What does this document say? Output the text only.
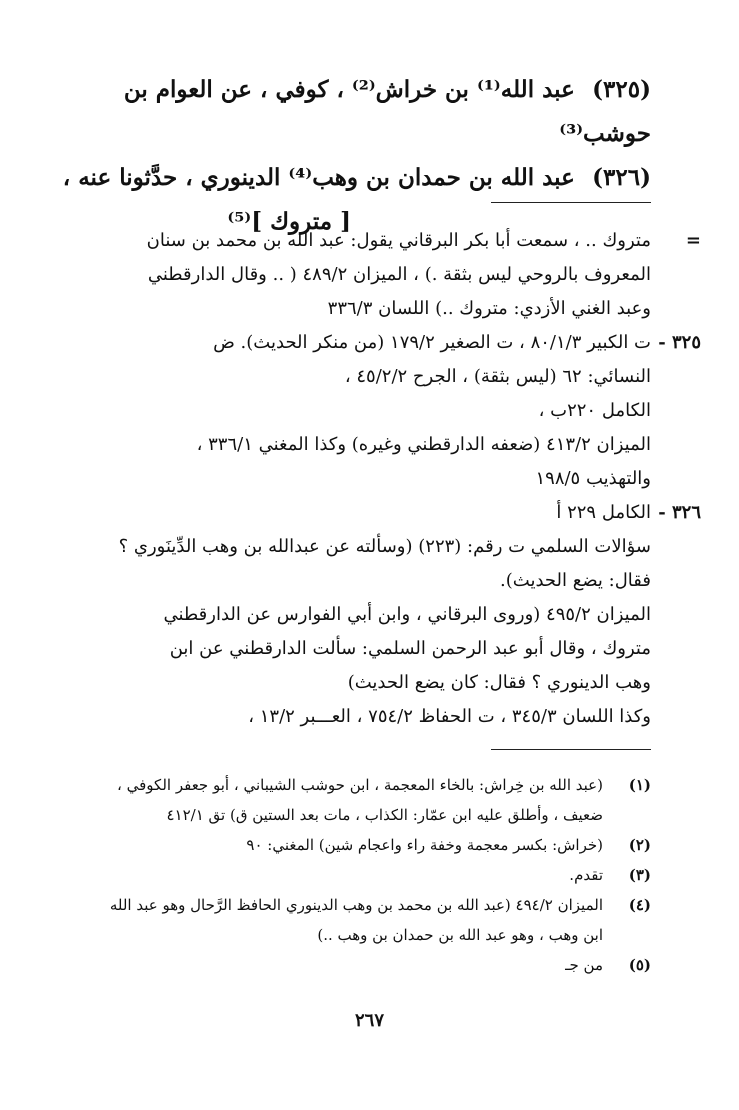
(٣٢٥) عبد الله⁽¹⁾ بن خراش⁽²⁾ ، كوفي ، عن العوام بن حوشب⁽³⁾

(٣٢٦) عبد الله بن حمدان بن وهب⁽⁴⁾ الدينوري ، حدَّثونا عنه ،

[ متروك ]⁽⁵⁾

=
متروك .. ، سمعت أبا بكر البرقاني يقول: عبد الله بن محمد بن سنان
المعروف بالروحي ليس بثقة .) ، الميزان ٤٨٩/٢ ( .. وقال الدارقطني
وعبد الغني الأزدي: متروك ..) اللسان ٣٣٦/٣
٣٢٥ -
ت الكبير ٨٠/١/٣ ، ت الصغير ١٧٩/٢ (من منكر الحديث). ض
النسائي: ٦٢ (ليس بثقة) ، الجرح ٤٥/٢/٢ ،
الكامل ٢٢٠ب ،
الميزان ٤١٣/٢ (ضعفه الدارقطني وغيره) وكذا المغني ٣٣٦/١ ،
والتهذيب ١٩٨/٥
٣٢٦ -
الكامل ٢٢٩ أ
سؤالات السلمي ت رقم: (٢٢٣) (وسألته عن عبدالله بن وهب الدِّينَوري ؟
فقال: يضع الحديث).
الميزان ٤٩٥/٢ (وروى البرقاني ، وابن أبي الفوارس عن الدارقطني
متروك ، وقال أبو عبد الرحمن السلمي: سألت الدارقطني عن ابن
وهب الدينوري ؟ فقال: كان يضع الحديث)
وكذا اللسان ٣٤٥/٣ ، ت الحفاظ ٧٥٤/٢ ، العـــبر ١٣/٢ ،
(١)
(عبد الله بن خِراش: بالخاء المعجمة ، ابن حوشب الشيباني ، أبو جعفر الكوفي ،
ضعيف ، وأطلق عليه ابن عمّار: الكذاب ، مات بعد الستين ق) تق ٤١٢/١
(٢)
(خراش: بكسر معجمة وخفة راء واعجام شين) المغني: ٩٠
(٣)
تقدم.
(٤)
الميزان ٤٩٤/٢ (عبد الله بن محمد بن وهب الدينوري الحافظ الرَّحال وهو عبد الله
ابن وهب ، وهو عبد الله بن حمدان بن وهب ..)
(٥)
من جـ
٢٦٧
